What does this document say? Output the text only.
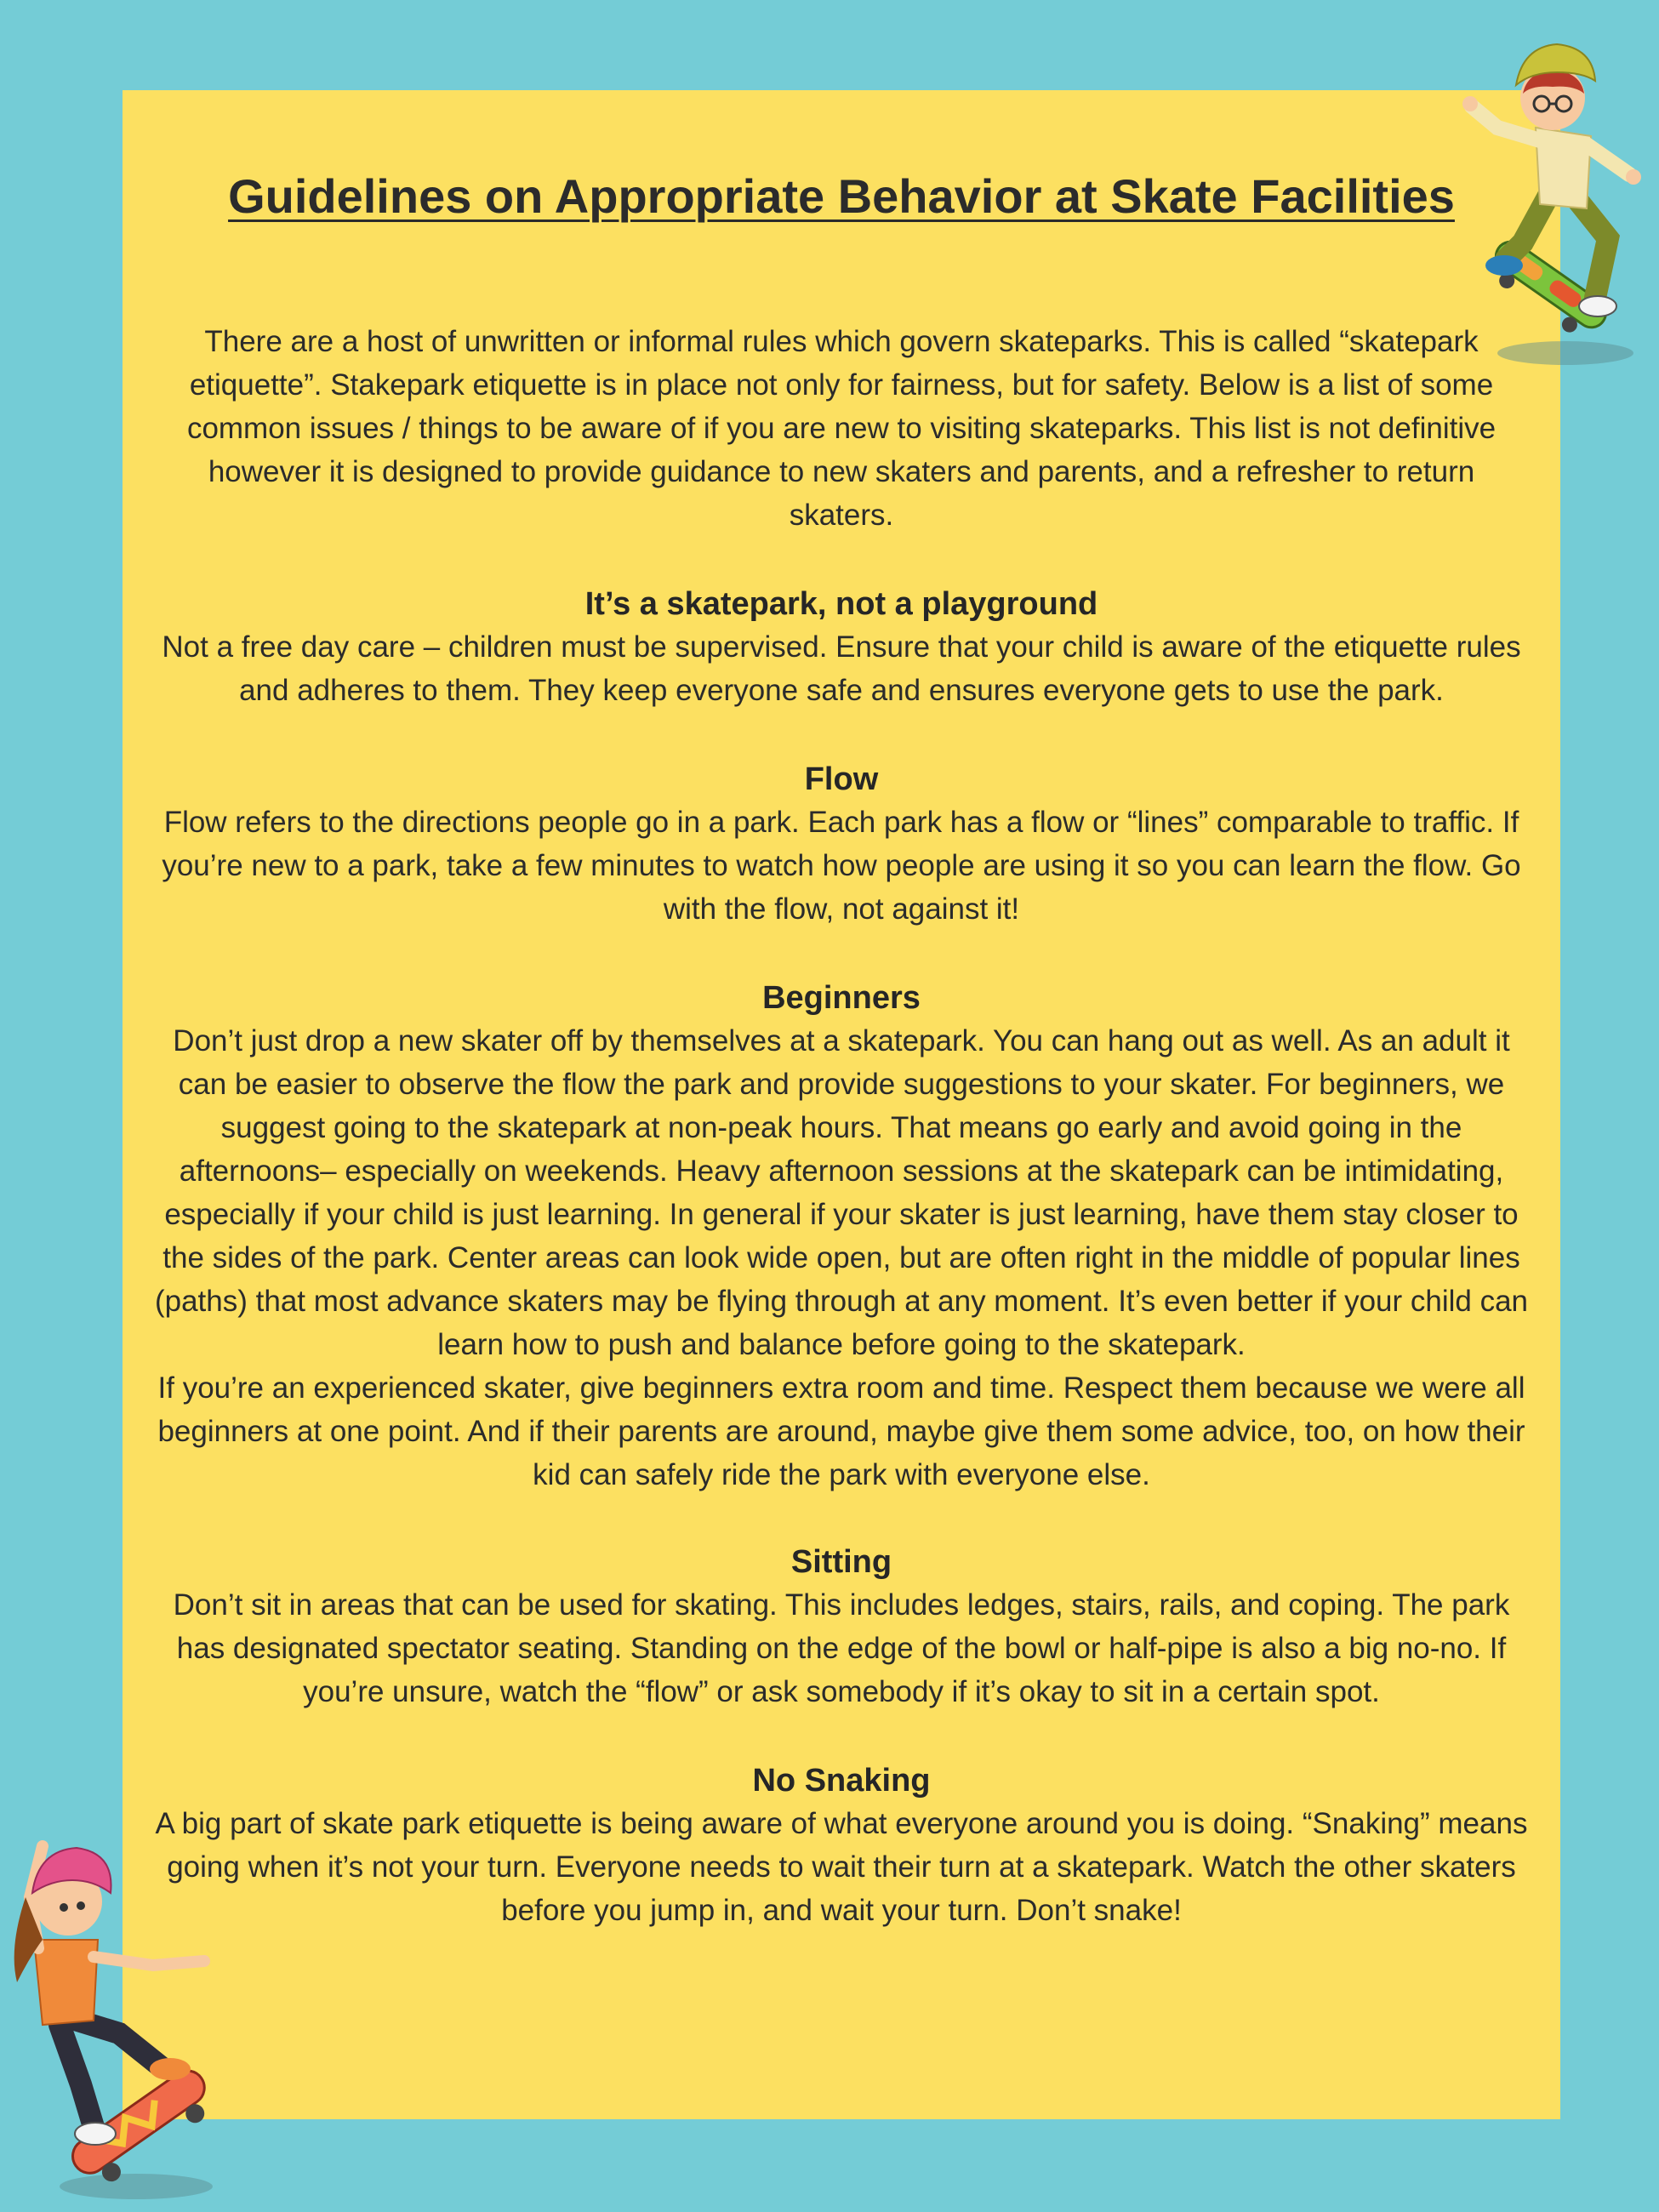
Guidelines on Appropriate Behavior at Skate Facilities

There are a host of unwritten or informal rules which govern skateparks. This is called “skatepark etiquette”. Stakepark etiquette is in place not only for fairness, but for safety. Below is a list of some common issues / things to be aware of if you are new to visiting skateparks. This list is not definitive however it is designed to provide guidance to new skaters and parents, and a refresher to return skaters.

It’s a skatepark, not a playground

Not a free day care – children must be supervised. Ensure that your child is aware of the etiquette rules and adheres to them. They keep everyone safe and ensures everyone gets to use the park.

Flow

Flow refers to the directions people go in a park. Each park has a flow or “lines” comparable to traffic. If you’re new to a park, take a few minutes to watch how people are using it so you can learn the flow. Go with the flow, not against it!

Beginners

Don’t just drop a new skater off by themselves at a skatepark. You can hang out as well. As an adult it can be easier to observe the flow the park and provide suggestions to your skater. For beginners, we suggest going to the skatepark at non-peak hours. That means go early and avoid going in the afternoons– especially on weekends. Heavy afternoon sessions at the skatepark can be intimidating, especially if your child is just learning. In general if your skater is just learning, have them stay closer to the sides of the park. Center areas can look wide open, but are often right in the middle of popular lines (paths) that most advance skaters may be flying through at any moment. It’s even better if your child can learn how to push and balance before going to the skatepark.

If you’re an experienced skater, give beginners extra room and time. Respect them because we were all beginners at one point. And if their parents are around, maybe give them some advice, too, on how their kid can safely ride the park with everyone else.

Sitting

Don’t sit in areas that can be used for skating. This includes ledges, stairs, rails, and coping. The park has designated spectator seating. Standing on the edge of the bowl or half-pipe is also a big no-no. If you’re unsure, watch the “flow” or ask somebody if it’s okay to sit in a certain spot.

No Snaking

A big part of skate park etiquette is being aware of what everyone around you is doing. “Snaking” means going when it’s not your turn. Everyone needs to wait their turn at a skatepark. Watch the other skaters before you jump in, and wait your turn. Don’t snake!
